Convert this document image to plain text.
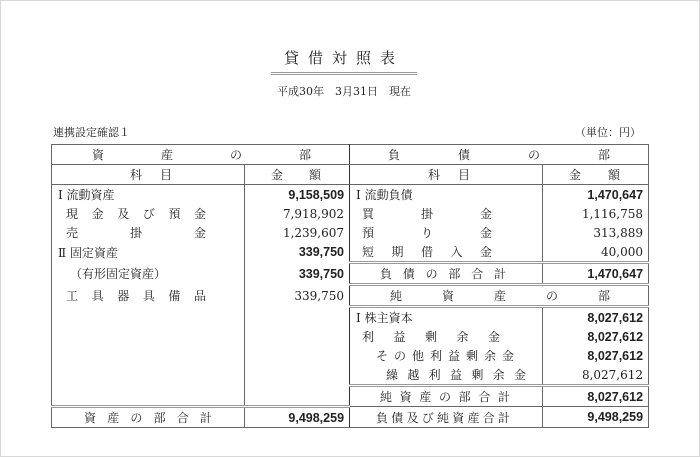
貸借対照表
平成30年　3月31日　現在
連携設定確認１	（単位：円）
資産の部		負債の部	

科目	金額	科目	金額

Ⅰ 流動資産	9,158,509	Ⅰ 流動負債	1,470,647

現金及び預金	7,918,902	買掛金	1,116,758

売掛金	1,239,607	預り金	313,889

Ⅱ 固定資産	339,750	短期借入金	40,000

（有形固定資産）	339,750	負債の部合計	1,470,647

工具器具備品	339,750	純資産の部	

		Ⅰ 株主資本	8,027,612

		利益剰余金	8,027,612

		その他利益剰余金	8,027,612

		繰越利益剰余金	8,027,612

		純資産の部合計	8,027,612

資産の部合計	9,498,259	負債及び純資産合計	9,498,259
